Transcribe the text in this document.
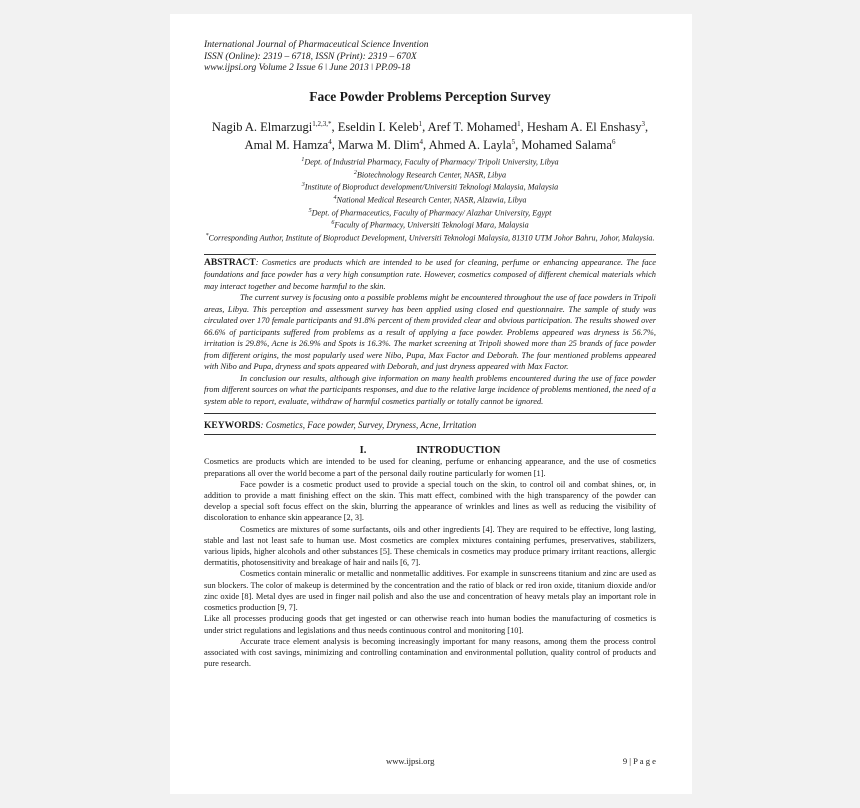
International Journal of Pharmaceutical Science Invention
ISSN (Online): 2319 – 6718, ISSN (Print): 2319 – 670X
www.ijpsi.org Volume 2 Issue 6 ǀ June 2013 ǀ PP.09-18
Face Powder Problems Perception Survey
Nagib A. Elmarzugi$^{1,2,3,*}$, Eseldin I. Keleb$^1$, Aref T. Mohamed$^1$, Hesham A. El Enshasy$^3$, Amal M. Hamza$^4$, Marwa M. Dlim$^4$, Ahmed A. Layla$^5$, Mohamed Salama$^6$
$^1$Dept. of Industrial Pharmacy, Faculty of Pharmacy/ Tripoli University, Libya
$^2$Biotechnology Research Center, NASR, Libya
$^3$Institute of Bioproduct development/Universiti Teknologi Malaysia, Malaysia
$^4$National Medical Research Center, NASR, Alzawia, Libya
$^5$Dept. of Pharmaceutics, Faculty of Pharmacy/ Alazhar University, Egypt
$^6$Faculty of Pharmacy, Universiti Teknologi Mara, Malaysia
*Corresponding Author, Institute of Bioproduct Development, Universiti Teknologi Malaysia, 81310 UTM Johor Bahru, Johor, Malaysia.
ABSTRACT: Cosmetics are products which are intended to be used for cleaning, perfume or enhancing appearance. The face foundations and face powder has a very high consumption rate. However, cosmetics composed of different chemical materials which may interact together and become harmful to the skin.
The current survey is focusing onto a possible problems might be encountered throughout the use of face powders in Tripoli areas, Libya. This perception and assessment survey has been applied using closed end questionnaire. The sample of study was circulated over 170 female participants and 91.8% percent of them provided clear and obvious participation. The results showed over 66.6% of participants suffered from problems as a result of applying a face powder. Problems appeared was dryness is 56.7%, irritation is 29.8%, Acne is 26.9% and Spots is 16.3%. The market screening at Tripoli showed more than 25 brands of face powder from different origins, the most popularly used were Nibo, Pupa, Max Factor and Deborah. The four mentioned problems appeared with Nibo and Pupa, dryness and spots appeared with Deborah, and just dryness appeared with Max Factor.
In conclusion our results, although give information on many health problems encountered during the use of face powder from different sources on what the participants responses, and due to the relative large incidence of problems mentioned, the need of a system able to report, evaluate, withdraw of harmful cosmetics partially or totally cannot be ignored.
KEYWORDS: Cosmetics, Face powder, Survey, Dryness, Acne, Irritation
I.	INTRODUCTION

Cosmetics are products which are intended to be used for cleaning, perfume or enhancing appearance, and the use of cosmetics preparations all over the world become a part of the personal daily routine particularly for women [1].

Face powder is a cosmetic product used to provide a special touch on the skin, to control oil and combat shines, or, in addition to provide a matt finishing effect on the skin. This matt effect, combined with the high transparency of the powder can develop a special soft focus effect on the skin, blurring the appearance of wrinkles and lines as well as reducing the visibility of discoloration to enhance skin appearance [2, 3].

Cosmetics are mixtures of some surfactants, oils and other ingredients [4]. They are required to be effective, long lasting, stable and last not least safe to human use. Most cosmetics are complex mixtures containing perfumes, preservatives, stabilizers, various lipids, higher alcohols and other substances [5]. These chemicals in cosmetics may produce primary irritant reactions, allergic dermatitis, photosensitivity and breakage of hair and nails [6, 7].

Cosmetics contain mineralic or metallic and nonmetallic additives. For example in sunscreens titanium and zinc are used as sun blockers. The color of makeup is determined by the concentration and the ratio of black or red iron oxide, titanium dioxide and/or zinc oxide [8]. Metal dyes are used in finger nail polish and also the use and concentration of heavy metals play an important role in cosmetics production [9, 7].

Like all processes producing goods that get ingested or can otherwise reach into human bodies the manufacturing of cosmetics is under strict regulations and legislations and thus needs continuous control and monitoring [10].

Accurate trace element analysis is becoming increasingly important for many reasons, among them the process control associated with cost savings, minimizing and controlling contamination and environmental pollution, quality control of products and pure research.

www.ijpsi.org	9 | P a g e
